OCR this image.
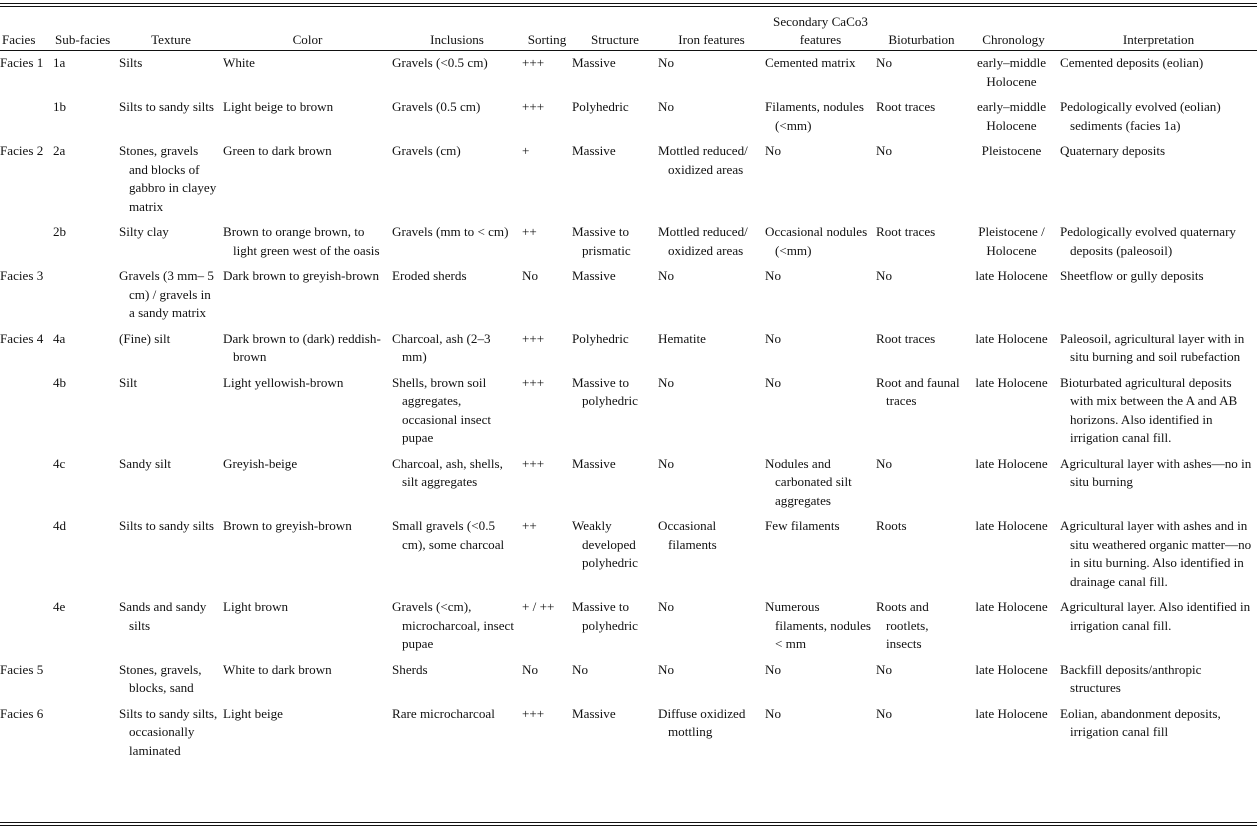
Facies	Sub-facies	Texture	Color	Inclusions	Sorting	Structure	Iron features	Secondary CaCo3 features	Bioturbation	Chronology	Interpretation

Facies 1	1a	Silts	White	Gravels (<0.5 cm)	+++	Massive	No	Cemented matrix	No	early–middle Holocene	Cemented deposits (eolian)

	1b	Silts to sandy silts	Light beige to brown	Gravels (0.5 cm)	+++	Polyhedric	No	Filaments, nodules (<mm)	Root traces	early–middle Holocene	Pedologically evolved (eolian) sediments (facies 1a)

Facies 2	2a	Stones, gravels and blocks of gabbro in clayey matrix	Green to dark brown	Gravels (cm)	+	Massive	Mottled reduced/ oxidized areas	No	No	Pleistocene	Quaternary deposits

	2b	Silty clay	Brown to orange brown, to light green west of the oasis	Gravels (mm to < cm)	++	Massive to prismatic	Mottled reduced/ oxidized areas	Occasional nodules (<mm)	Root traces	Pleistocene / Holocene	Pedologically evolved quaternary deposits (paleosoil)

Facies 3		Gravels (3 mm– 5 cm) / gravels in a sandy matrix	Dark brown to greyish-brown	Eroded sherds	No	Massive	No	No	No	late Holocene	Sheetflow or gully deposits

Facies 4	4a	(Fine) silt	Dark brown to (dark) reddish-brown	Charcoal, ash (2–3 mm)	+++	Polyhedric	Hematite	No	Root traces	late Holocene	Paleosoil, agricultural layer with in situ burning and soil rubefaction

	4b	Silt	Light yellowish-brown	Shells, brown soil aggregates, occasional insect pupae	+++	Massive to polyhedric	No	No	Root and faunal traces	late Holocene	Bioturbated agricultural deposits with mix between the A and AB horizons. Also identified in irrigation canal fill.

	4c	Sandy silt	Greyish-beige	Charcoal, ash, shells, silt aggregates	+++	Massive	No	Nodules and carbonated silt aggregates	No	late Holocene	Agricultural layer with ashes—no in situ burning

	4d	Silts to sandy silts	Brown to greyish-brown	Small gravels (<0.5 cm), some charcoal	++	Weakly developed polyhedric	Occasional filaments	Few filaments	Roots	late Holocene	Agricultural layer with ashes and in situ weathered organic matter—no in situ burning. Also identified in drainage canal fill.

	4e	Sands and sandy silts	Light brown	Gravels (<cm), microcharcoal, insect pupae	+ / ++	Massive to polyhedric	No	Numerous filaments, nodules < mm	Roots and rootlets, insects	late Holocene	Agricultural layer. Also identified in irrigation canal fill.

Facies 5		Stones, gravels, blocks, sand	White to dark brown	Sherds	No	No	No	No	No	late Holocene	Backfill deposits/anthropic structures

Facies 6		Silts to sandy silts, occasionally laminated	Light beige	Rare microcharcoal	+++	Massive	Diffuse oxidized mottling	No	No	late Holocene	Eolian, abandonment deposits, irrigation canal fill
